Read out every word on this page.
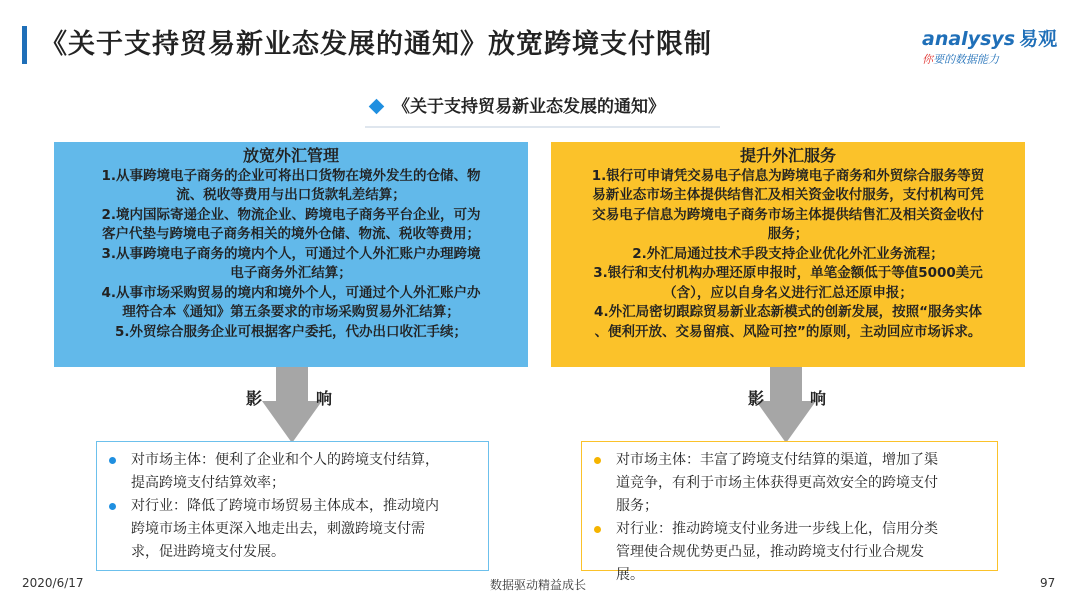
《关于支持贸易新业态发展的通知》放宽跨境支付限制	analysys 易观
你要的数据能力
《关于支持贸易新业态发展的通知》
放宽外汇管理

1.从事跨境电子商务的企业可将出口货物在境外发生的仓储、物

流、税收等费用与出口货款轧差结算；

2.境内国际寄递企业、物流企业、跨境电子商务平台企业，可为

客户代垫与跨境电子商务相关的境外仓储、物流、税收等费用；

3.从事跨境电子商务的境内个人，可通过个人外汇账户办理跨境

电子商务外汇结算；

4.从事市场采购贸易的境内和境外个人，可通过个人外汇账户办

理符合本《通知》第五条要求的市场采购贸易外汇结算；

5.外贸综合服务企业可根据客户委托，代办出口收汇手续；

提升外汇服务

1.银行可申请凭交易电子信息为跨境电子商务和外贸综合服务等贸

易新业态市场主体提供结售汇及相关资金收付服务，支付机构可凭

交易电子信息为跨境电子商务市场主体提供结售汇及相关资金收付

服务；

2.外汇局通过技术手段支持企业优化外汇业务流程；

3.银行和支付机构办理还原申报时，单笔金额低于等值5000美元

（含），应以自身名义进行汇总还原申报；

4.外汇局密切跟踪贸易新业态新模式的创新发展，按照“服务实体

、便利开放、交易留痕、风险可控”的原则，主动回应市场诉求。

影	响	影	响
对市场主体：便利了企业和个人的跨境支付结算，
提高跨境支付结算效率；
对行业：降低了跨境市场贸易主体成本，推动境内
跨境市场主体更深入地走出去，刺激跨境支付需
求，促进跨境支付发展。
对市场主体：丰富了跨境支付结算的渠道，增加了渠
道竞争，有利于市场主体获得更高效安全的跨境支付
服务；
对行业：推动跨境支付业务进一步线上化，信用分类
管理使合规优势更凸显，推动跨境支付行业合规发
展。
2020/6/17	数据驱动精益成长	97
